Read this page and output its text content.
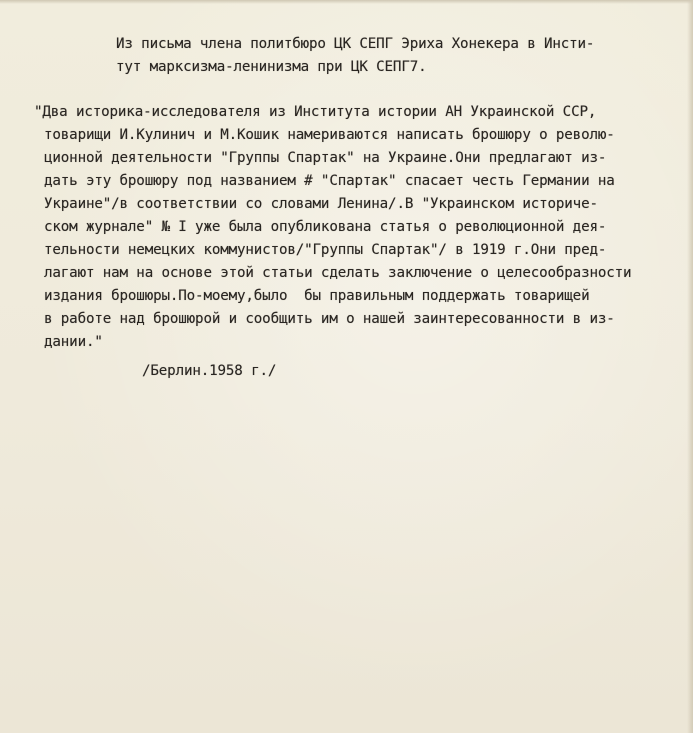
Из письма члена политбюро ЦК СЕПГ Эриха Хонекера в Инсти-
тут марксизма-ленинизма при ЦК СЕПГ7.
"Два историка-исследователя из Института истории АН Украинской ССР,
товарищи И.Кулинич и М.Кошик намериваются написать брошюру о револю-
ционной деятельности "Группы Спартак" на Украине.Они предлагают из-
дать эту брошюру под названием # "Спартак" спасает честь Германии на
Украине"/в соответствии со словами Ленина/.В "Украинском историче-
ском журнале" № I уже была опубликована статья о революционной дея-
тельности немецких коммунистов/"Группы Спартак"/ в 1919 г.Они пред-
лагают нам на основе этой статьи сделать заключение о целесообразности
издания брошюры.По-моему,было  бы правильным поддержать товарищей
в работе над брошюрой и сообщить им о нашей заинтересованности в из-
дании."
/Берлин.1958 г./
